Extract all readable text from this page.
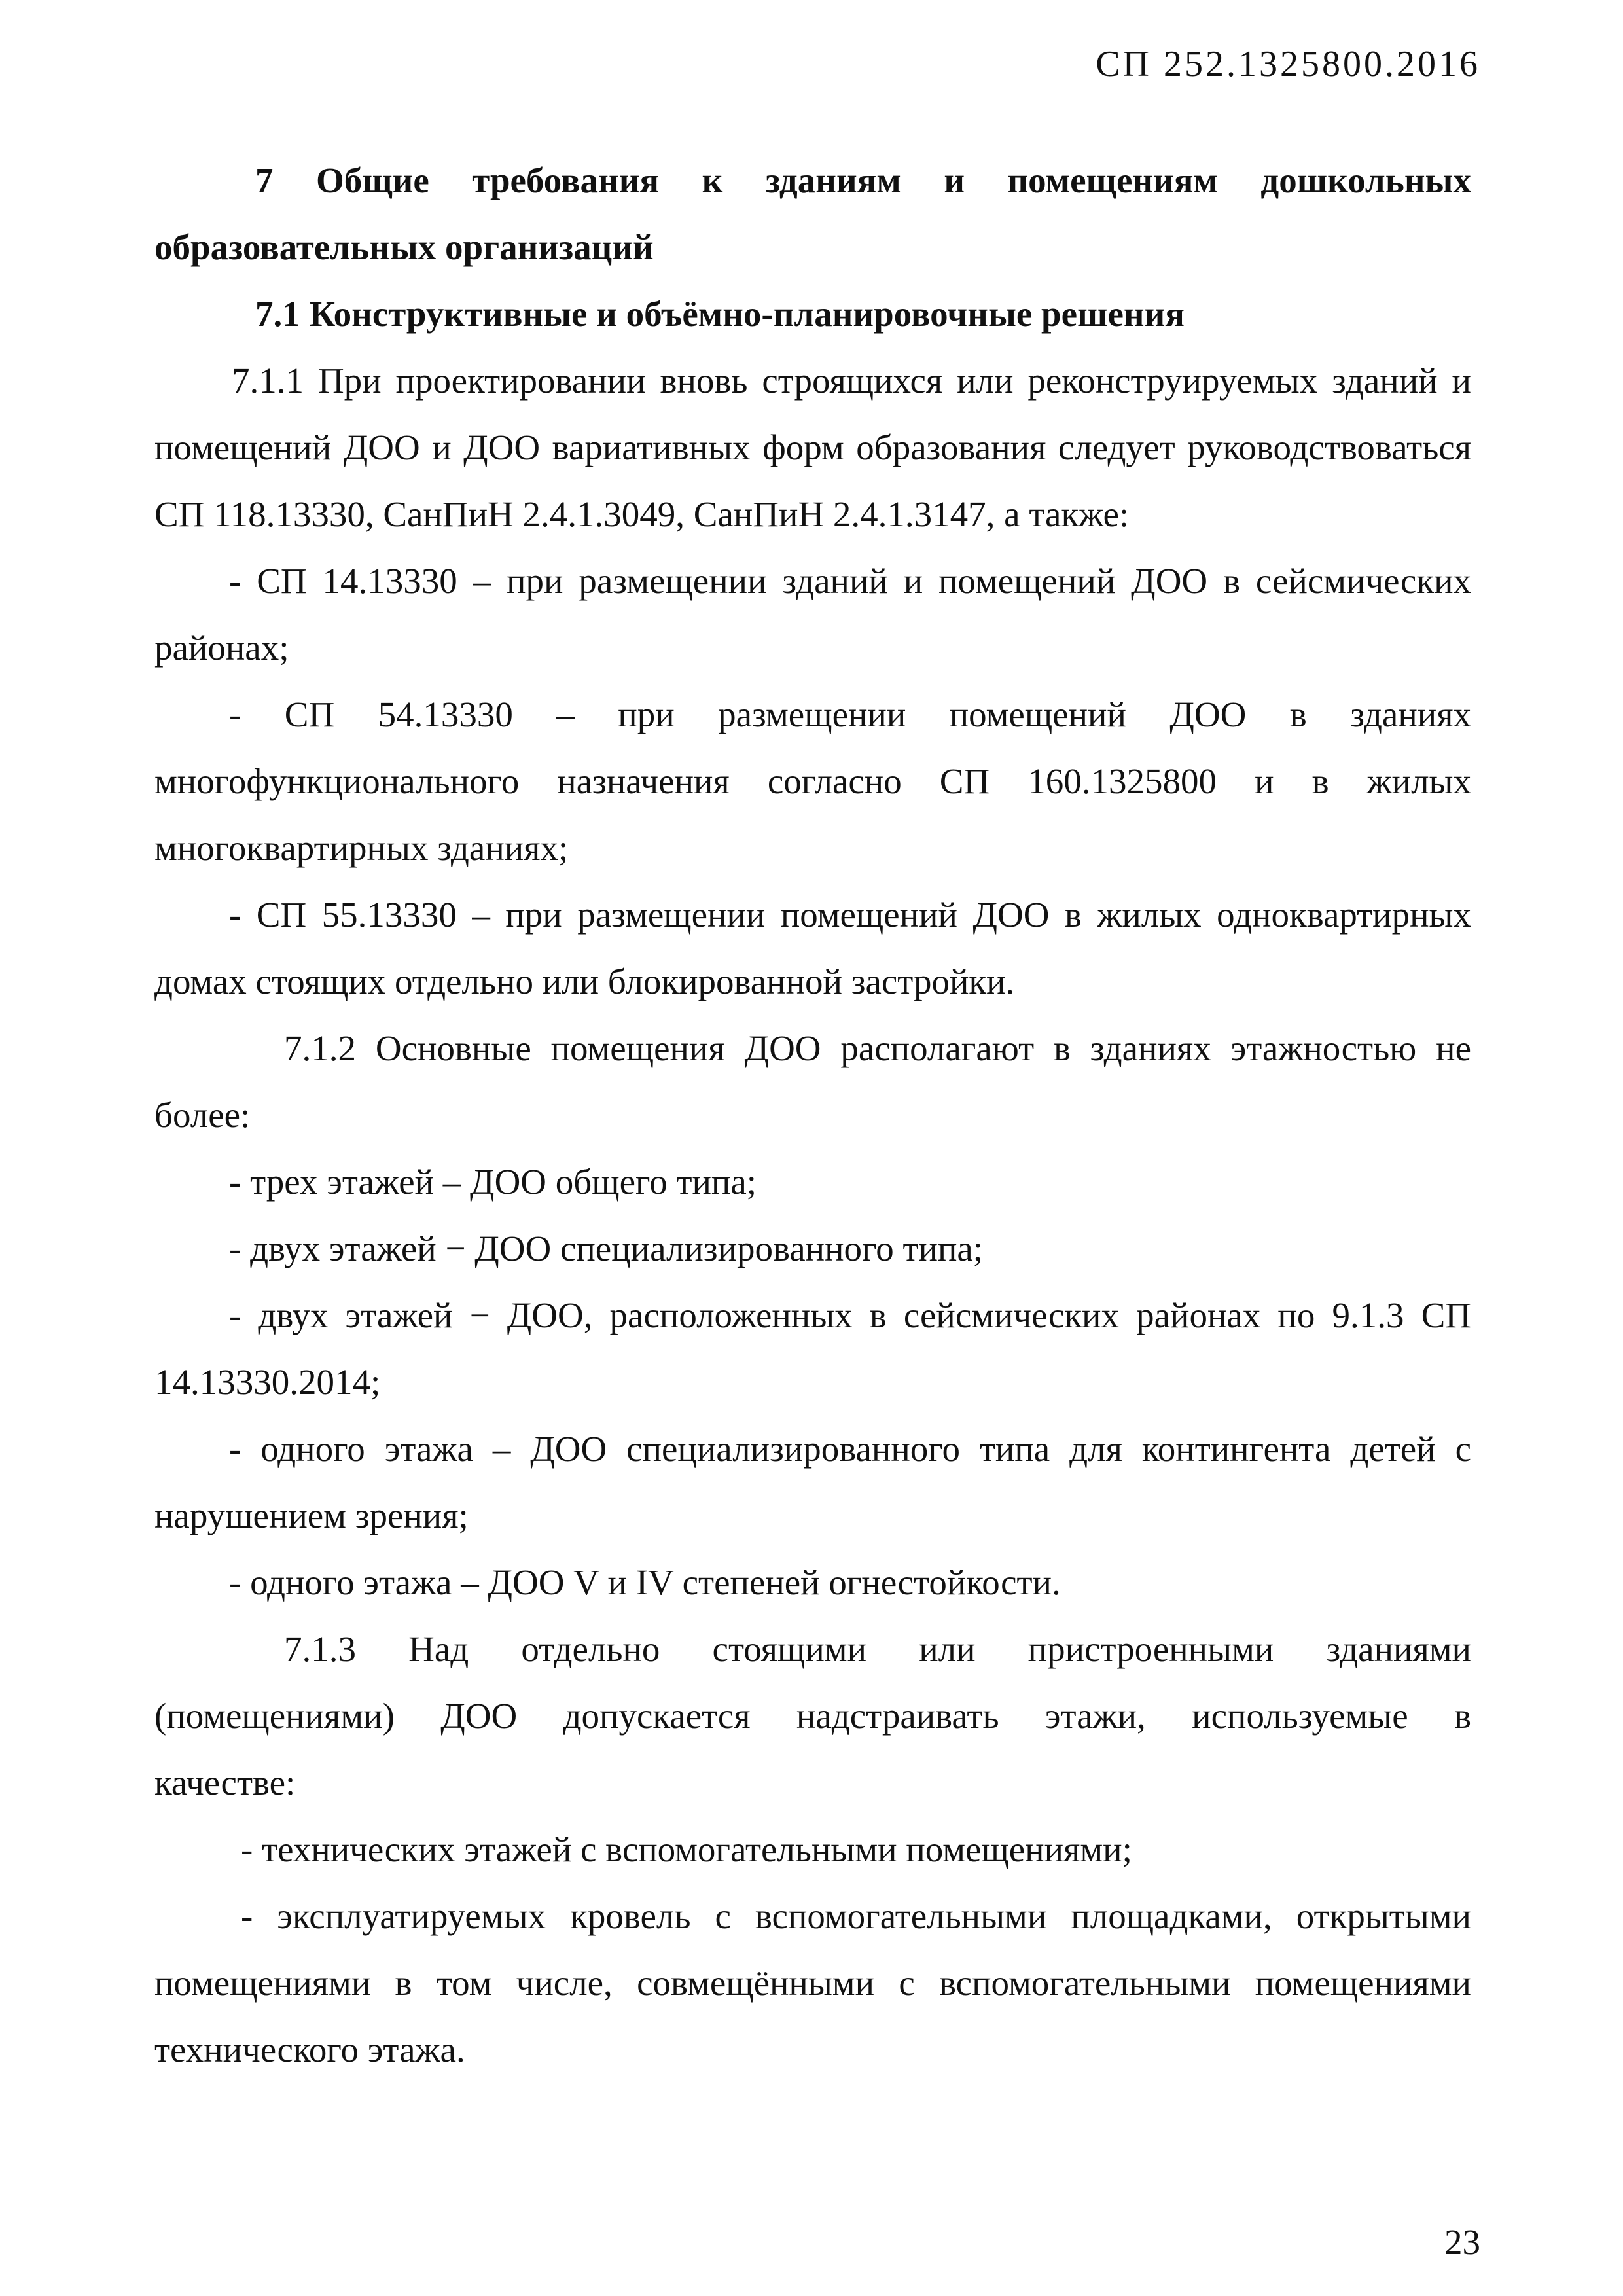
СП 252.1325800.2016

7 Общие требования к зданиям и помещениям дошкольных образовательных организаций

7.1 Конструктивные и объёмно-планировочные решения

7.1.1 При проектировании вновь строящихся или реконструируемых зданий и помещений ДОО и ДОО вариативных форм образования следует руководствоваться СП 118.13330, СанПиН 2.4.1.3049, СанПиН 2.4.1.3147, а также:

- СП 14.13330 – при размещении зданий и помещений ДОО в сейсмических районах;

- СП 54.13330 – при размещении помещений ДОО в зданиях многофункционального назначения согласно СП 160.1325800 и в жилых многоквартирных зданиях;

- СП 55.13330 – при размещении помещений ДОО в жилых одноквартирных домах стоящих отдельно или блокированной застройки.

7.1.2 Основные помещения ДОО располагают в зданиях этажностью не более:

- трех этажей – ДОО общего типа;

- двух этажей − ДОО специализированного типа;

- двух этажей − ДОО, расположенных в сейсмических районах по 9.1.3 СП 14.13330.2014;

- одного этажа – ДОО специализированного типа для контингента детей с нарушением зрения;

- одного этажа – ДОО V и IV степеней огнестойкости.

7.1.3 Над отдельно стоящими или пристроенными зданиями (помещениями) ДОО допускается надстраивать этажи, используемые в качестве:

- технических этажей с вспомогательными помещениями;

- эксплуатируемых кровель с вспомогательными площадками, открытыми помещениями в том числе, совмещёнными с вспомогательными помещениями технического этажа.

23
